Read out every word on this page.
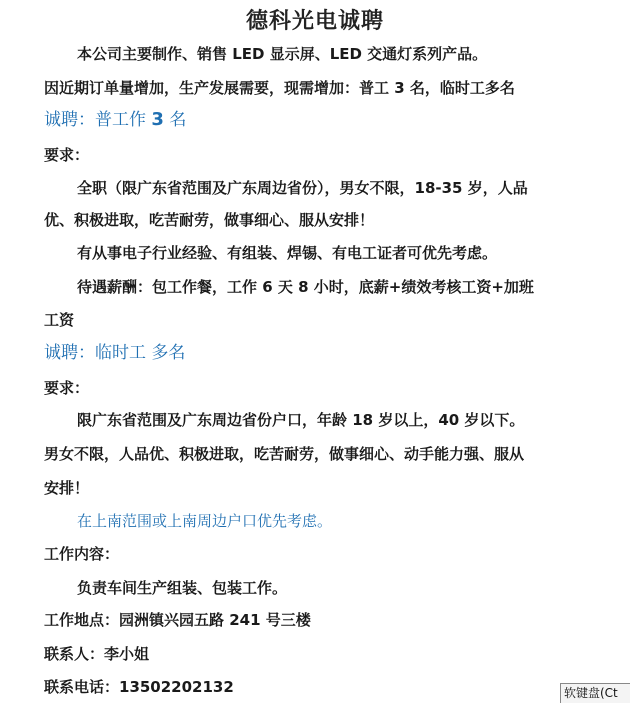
德科光电诚聘
本公司主要制作、销售 LED 显示屏、LED 交通灯系列产品。
因近期订单量增加，生产发展需要，现需增加：普工 3 名，临时工多名
诚聘：普工作 3 名
要求：
全职（限广东省范围及广东周边省份），男女不限，18-35 岁，人品
优、积极进取，吃苦耐劳，做事细心、服从安排！
有从事电子行业经验、有组装、焊锡、有电工证者可优先考虑。
待遇薪酬：包工作餐，工作 6 天 8 小时，底薪+绩效考核工资+加班
工资
诚聘：临时工 多名
要求：
限广东省范围及广东周边省份户口，年龄 18 岁以上，40 岁以下。
男女不限，人品优、积极进取，吃苦耐劳，做事细心、动手能力强、服从
安排！
在上南范围或上南周边户口优先考虑。
工作内容：
负责车间生产组装、包装工作。
工作地点：园洲镇兴园五路 241 号三楼
联系人：李小姐
联系电话：13502202132	软键盘(Ct
